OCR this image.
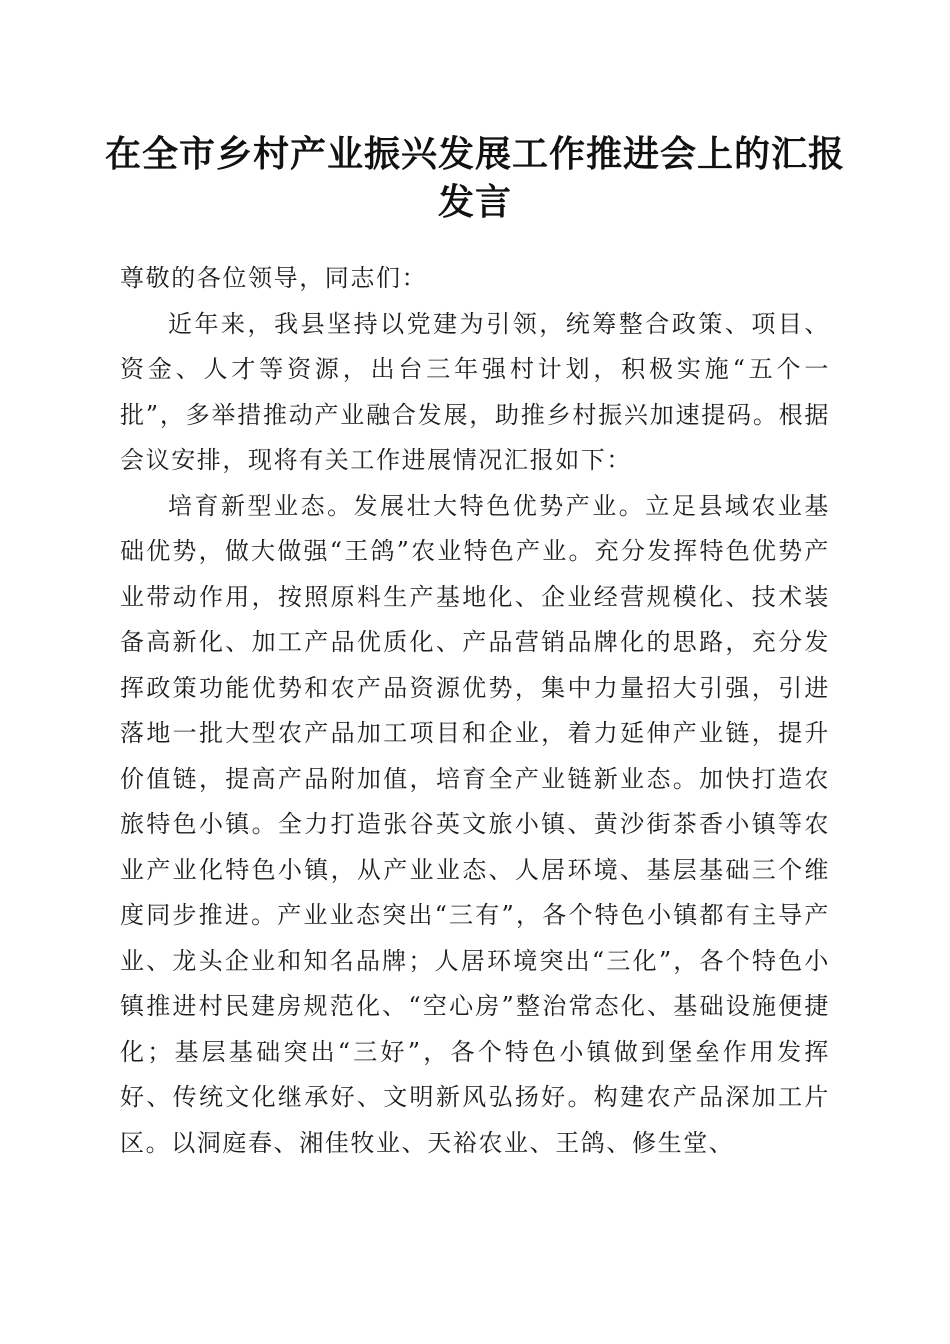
在全市乡村产业振兴发展工作推进会上的汇报
发言

尊敬的各位领导，同志们：

近年来，我县坚持以党建为引领，统筹整合政策、项目、资金、人才等资源，出台三年强村计划，积极实施“五个一批”，多举措推动产业融合发展，助推乡村振兴加速提码。根据会议安排，现将有关工作进展情况汇报如下：

培育新型业态。发展壮大特色优势产业。立足县域农业基础优势，做大做强“王鸽”农业特色产业。充分发挥特色优势产业带动作用，按照原料生产基地化、企业经营规模化、技术装备高新化、加工产品优质化、产品营销品牌化的思路，充分发挥政策功能优势和农产品资源优势，集中力量招大引强，引进落地一批大型农产品加工项目和企业，着力延伸产业链，提升价值链，提高产品附加值，培育全产业链新业态。加快打造农旅特色小镇。全力打造张谷英文旅小镇、黄沙街茶香小镇等农业产业化特色小镇，从产业业态、人居环境、基层基础三个维度同步推进。产业业态突出“三有”，各个特色小镇都有主导产业、龙头企业和知名品牌；人居环境突出“三化”，各个特色小镇推进村民建房规范化、“空心房”整治常态化、基础设施便捷化；基层基础突出“三好”，各个特色小镇做到堡垒作用发挥好、传统文化继承好、文明新风弘扬好。构建农产品深加工片区。以洞庭春、湘佳牧业、天裕农业、王鸽、修生堂、
